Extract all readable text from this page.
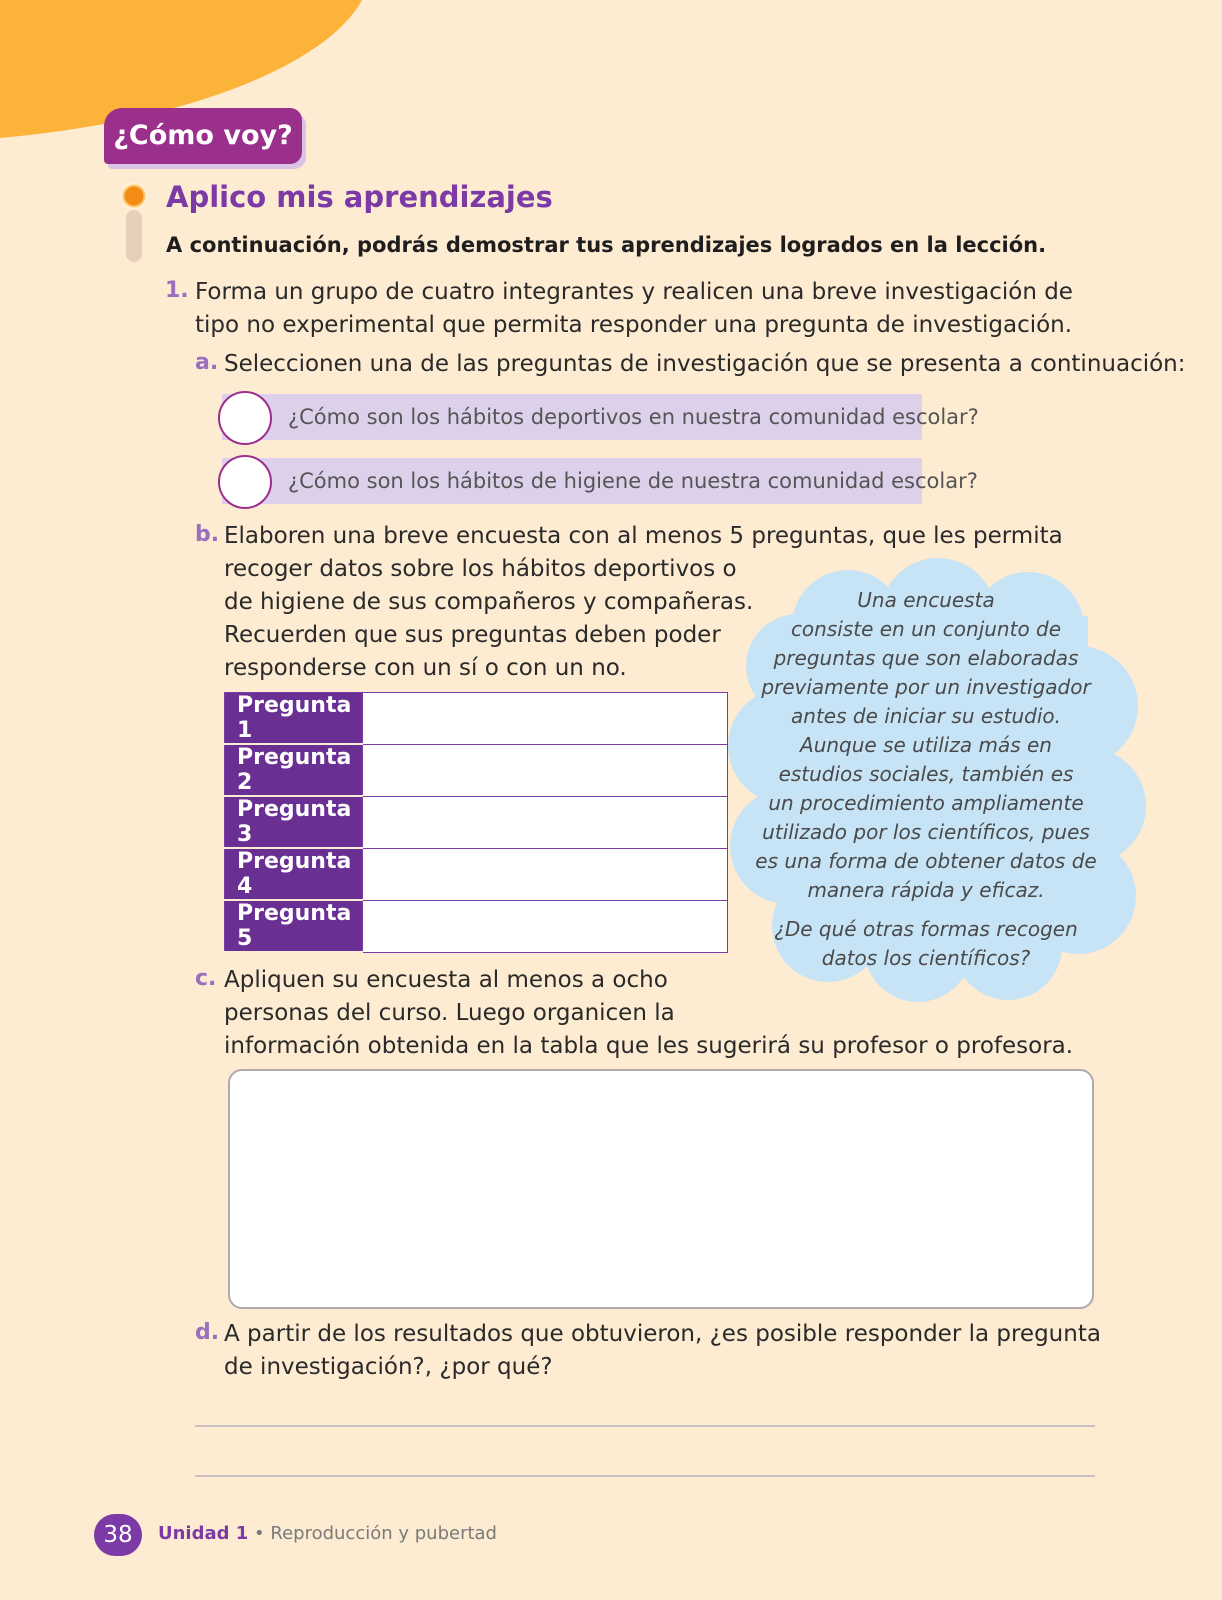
¿Cómo voy?
Aplico mis aprendizajes
A continuación, podrás demostrar tus aprendizajes logrados en la lección.
1. Forma un grupo de cuatro integrantes y realicen una breve investigación de
tipo no experimental que permita responder una pregunta de investigación.
a. Seleccionen una de las preguntas de investigación que se presenta a continuación:
¿Cómo son los hábitos deportivos en nuestra comunidad escolar?
¿Cómo son los hábitos de higiene de nuestra comunidad escolar?
b. Elaboren una breve encuesta con al menos 5 preguntas, que les permita
recoger datos sobre los hábitos deportivos o
de higiene de sus compañeros y compañeras.
Recuerden que sus preguntas deben poder
responderse con un sí o con un no.
Una encuesta
consiste en un conjunto de
preguntas que son elaboradas
previamente por un investigador
antes de iniciar su estudio.
Aunque se utiliza más en
estudios sociales, también es
un procedimiento ampliamente
utilizado por los científicos, pues
es una forma de obtener datos de
manera rápida y eficaz.
¿De qué otras formas recogen
datos los científicos?
Pregunta 1	
Pregunta 2	
Pregunta 3	
Pregunta 4	
Pregunta 5	
c. Apliquen su encuesta al menos a ocho
personas del curso. Luego organicen la
información obtenida en la tabla que les sugerirá su profesor o profesora.
d. A partir de los resultados que obtuvieron, ¿es posible responder la pregunta
de investigación?, ¿por qué?
38	Unidad 1 • Reproducción y pubertad
